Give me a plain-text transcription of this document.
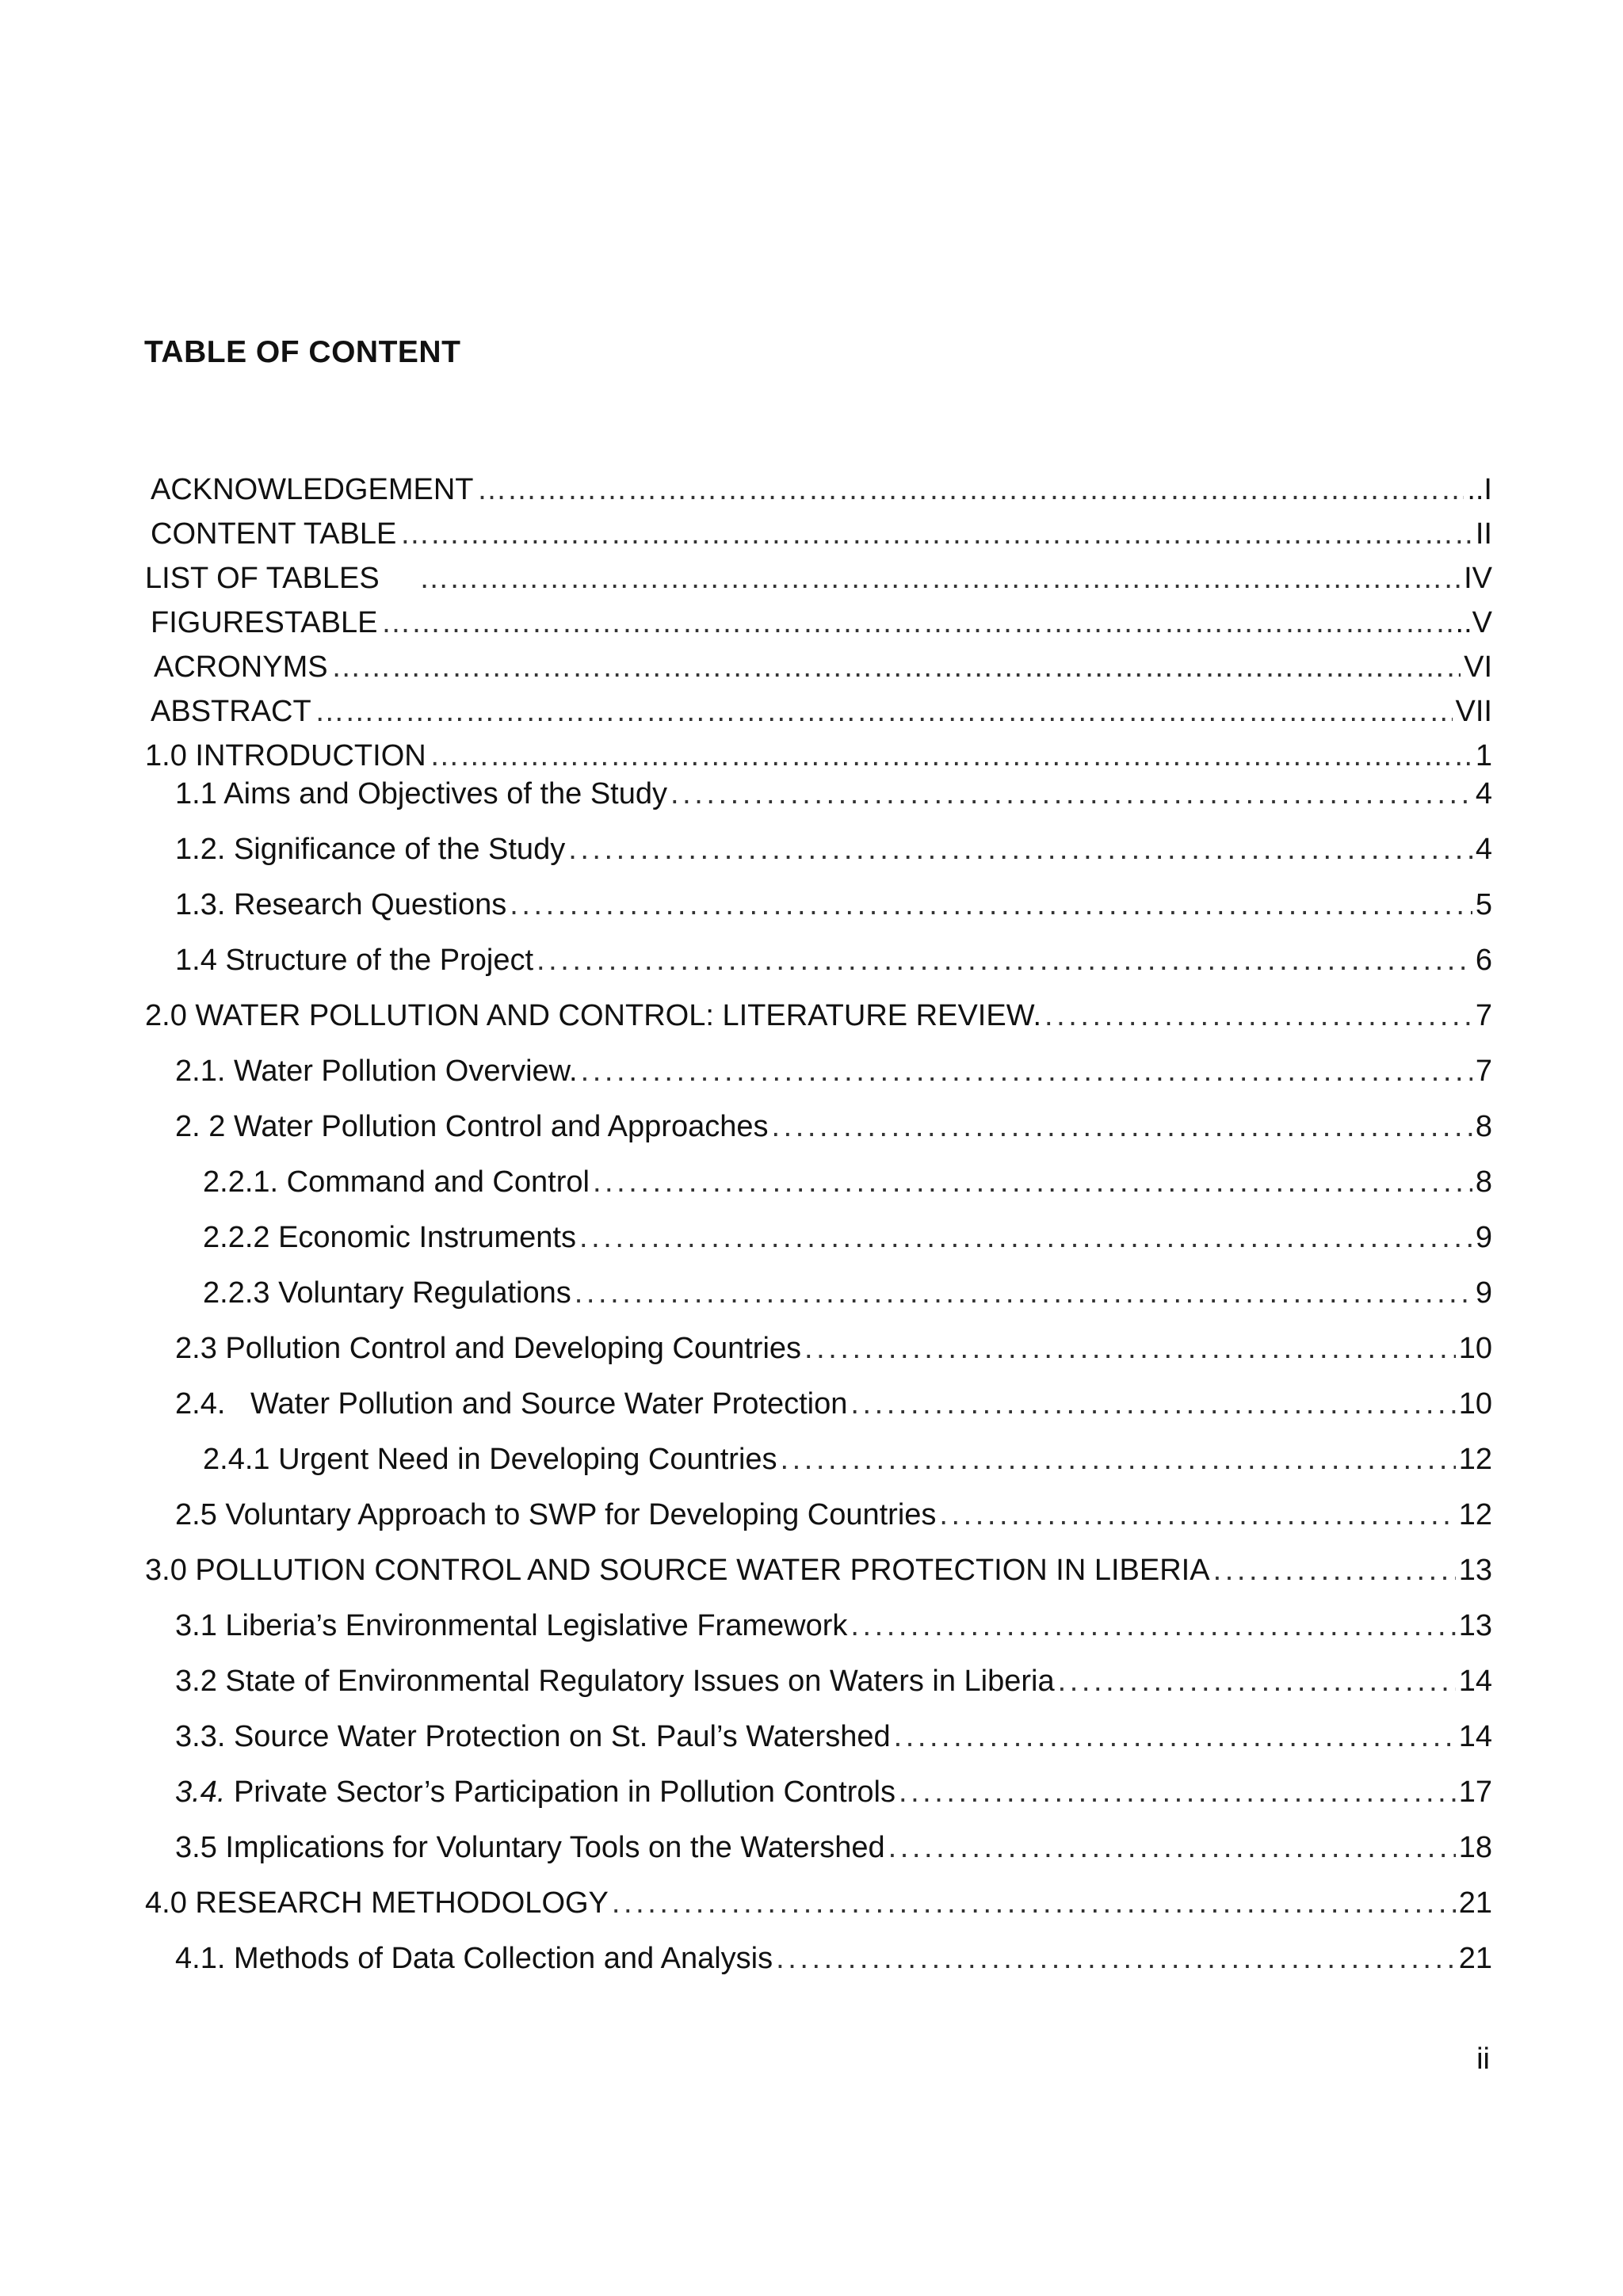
TABLE OF CONTENT
ACKNOWLEDGEMENT ……………………………………………………………………………………………………………………………………………………………………………………………………………………………………………………………………………	..I
CONTENT TABLE ……………………………………………………………………………………………………………………………………………………………………………………………………………………………………………………………………………	II
LIST OF TABLES ……………………………………………………………………………………………………………………………………………………………………………………………………………………………………………………………………………	IV
FIGURESTABLE ……………………………………………………………………………………………………………………………………………………………………………………………………………………………………………………………………………	..V
ACRONYMS ……………………………………………………………………………………………………………………………………………………………………………………………………………………………………………………………………………	VI
ABSTRACT ……………………………………………………………………………………………………………………………………………………………………………………………………………………………………………………………………………	VII
1.0 INTRODUCTION ……………………………………………………………………………………………………………………………………………………………………………………………………………………………………………………………………………	1
1.1 Aims and Objectives of the Study . . .	4
1.2. Significance of the Study . . .	4
1.3. Research Questions . . .	5
1.4 Structure of the Project . . .	6
2.0 WATER POLLUTION AND CONTROL: LITERATURE REVIEW. . . .	7
2.1. Water Pollution Overview. . . .	7
2. 2 Water Pollution Control and Approaches . . .	8
2.2.1. Command and Control . . .	8
2.2.2 Economic Instruments . . .	9
2.2.3 Voluntary Regulations . . .	9
2.3 Pollution Control and Developing Countries . . .	10
2.4.   Water Pollution and Source Water Protection . . .	10
2.4.1 Urgent Need in Developing Countries . . .	12
2.5 Voluntary Approach to SWP for Developing Countries . . .	12
3.0 POLLUTION CONTROL AND SOURCE WATER PROTECTION IN LIBERIA . . .	13
3.1 Liberia’s Environmental Legislative Framework . . .	13
3.2 State of Environmental Regulatory Issues on Waters in Liberia . . .	14
3.3. Source Water Protection on St. Paul’s Watershed . . .	14
3.4. Private Sector’s Participation in Pollution Controls . . .	17
3.5 Implications for Voluntary Tools on the Watershed . . .	18
4.0 RESEARCH METHODOLOGY . . .	21
4.1. Methods of Data Collection and Analysis . . .	21
ii
